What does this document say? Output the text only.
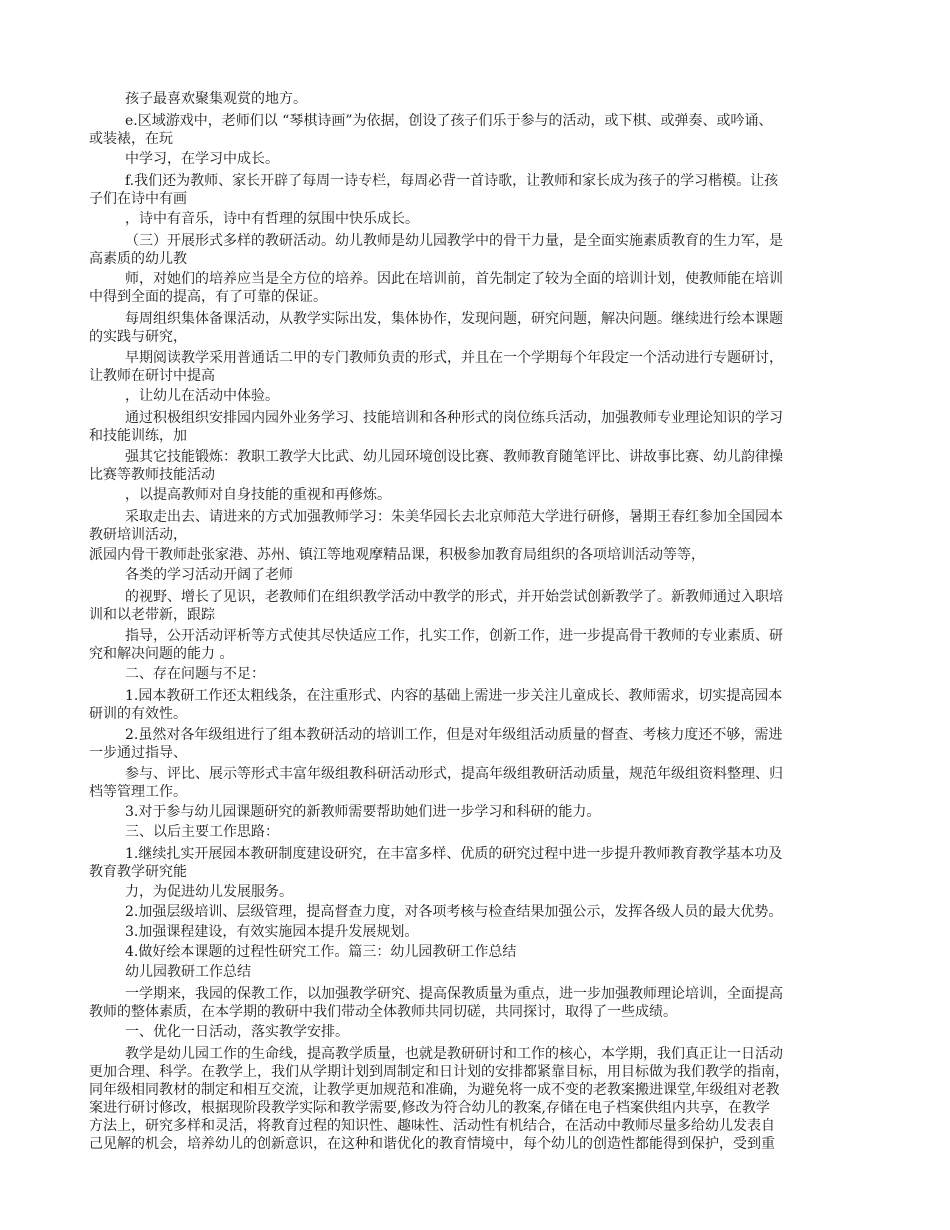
孩子最喜欢聚集观赏的地方。
e.区域游戏中，老师们以 “琴棋诗画”为依据，创设了孩子们乐于参与的活动，或下棋、或弹奏、或吟诵、
或装裱，在玩
中学习，在学习中成长。
f.我们还为教师、家长开辟了每周一诗专栏，每周必背一首诗歌，让教师和家长成为孩子的学习楷模。让孩
子们在诗中有画
，诗中有音乐，诗中有哲理的氛围中快乐成长。
（三）开展形式多样的教研活动。幼儿教师是幼儿园教学中的骨干力量，是全面实施素质教育的生力军，是
高素质的幼儿教
师，对她们的培养应当是全方位的培养。因此在培训前，首先制定了较为全面的培训计划，使教师能在培训
中得到全面的提高，有了可靠的保证。
每周组织集体备课活动，从教学实际出发，集体协作，发现问题，研究问题，解决问题。继续进行绘本课题
的实践与研究，
早期阅读教学采用普通话二甲的专门教师负责的形式，并且在一个学期每个年段定一个活动进行专题研讨，
让教师在研讨中提高
，让幼儿在活动中体验。
通过积极组织安排园内园外业务学习、技能培训和各种形式的岗位练兵活动，加强教师专业理论知识的学习
和技能训练，加
强其它技能锻炼：教职工教学大比武、幼儿园环境创设比赛、教师教育随笔评比、讲故事比赛、幼儿韵律操
比赛等教师技能活动
，以提高教师对自身技能的重视和再修炼。
采取走出去、请进来的方式加强教师学习：朱美华园长去北京师范大学进行研修，暑期王春红参加全国园本
教研培训活动，
派园内骨干教师赴张家港、苏州、镇江等地观摩精品课，积极参加教育局组织的各项培训活动等等，
各类的学习活动开阔了老师
的视野、增长了见识，老教师们在组织教学活动中教学的形式，并开始尝试创新教学了。新教师通过入职培
训和以老带新，跟踪
指导，公开活动评析等方式使其尽快适应工作，扎实工作，创新工作，进一步提高骨干教师的专业素质、研
究和解决问题的能力 。
二、存在问题与不足：
1.园本教研工作还太粗线条，在注重形式、内容的基础上需进一步关注儿童成长、教师需求，切实提高园本
研训的有效性。
2.虽然对各年级组进行了组本教研活动的培训工作，但是对年级组活动质量的督查、考核力度还不够，需进
一步通过指导、
参与、评比、展示等形式丰富年级组教科研活动形式，提高年级组教研活动质量，规范年级组资料整理、归
档等管理工作。
3.对于参与幼儿园课题研究的新教师需要帮助她们进一步学习和科研的能力。
三、以后主要工作思路：
1.继续扎实开展园本教研制度建设研究，在丰富多样、优质的研究过程中进一步提升教师教育教学基本功及
教育教学研究能
力，为促进幼儿发展服务。
2.加强层级培训、层级管理，提高督查力度，对各项考核与检查结果加强公示，发挥各级人员的最大优势。
3.加强课程建设，有效实施园本提升发展规划。
4.做好绘本课题的过程性研究工作。篇三：幼儿园教研工作总结
幼儿园教研工作总结
一学期来，我园的保教工作，以加强教学研究、提高保教质量为重点，进一步加强教师理论培训，全面提高
教师的整体素质，在本学期的教研中我们带动全体教师共同切磋，共同探讨，取得了一些成绩。
一、优化一日活动，落实教学安排。
教学是幼儿园工作的生命线，提高教学质量，也就是教研研讨和工作的核心，本学期，我们真正让一日活动
更加合理、科学。在教学上，我们从学期计划到周制定和日计划的安排都紧靠目标，用目标做为我们教学的指南，
同年级相同教材的制定和相互交流，让教学更加规范和准确，为避免将一成不变的老教案搬进课堂,年级组对老教
案进行研讨修改，根据现阶段教学实际和教学需要,修改为符合幼儿的教案,存储在电子档案供组内共享，在教学
方法上，研究多样和灵活，将教育过程的知识性、趣味性、活动性有机结合，在活动中教师尽量多给幼儿发表自
己见解的机会，培养幼儿的创新意识，在这种和谐优化的教育情境中，每个幼儿的创造性都能得到保护，受到重
